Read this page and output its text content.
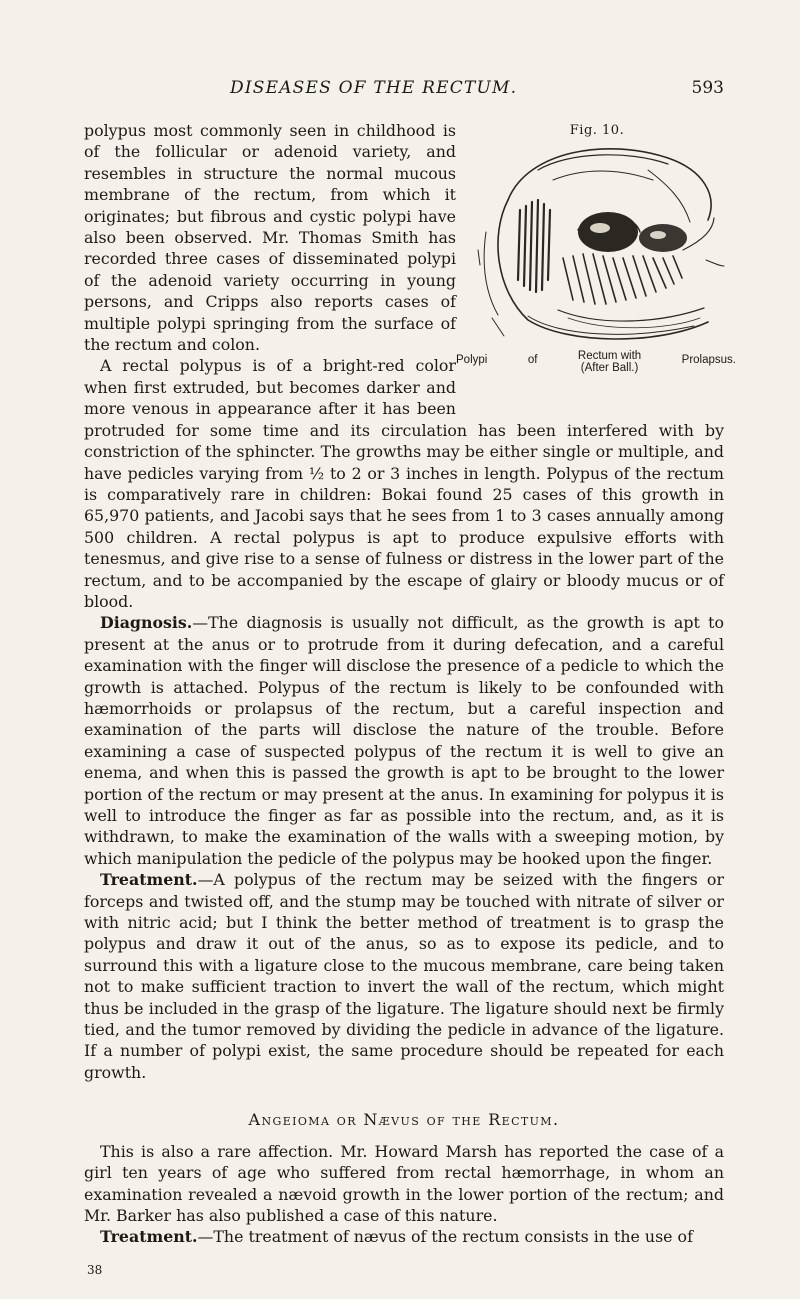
DISEASES OF THE RECTUM.	593
Fig. 10.
Polypi	of	Rectum with
(After Ball.)
Prolapsus.

polypus most commonly seen in childhood is of the follicular or adenoid variety, and resembles in structure the normal mucous membrane of the rectum, from which it originates; but fibrous and cystic polypi have also been observed. Mr. Thomas Smith has recorded three cases of disseminated polypi of the adenoid variety occurring in young persons, and Cripps also reports cases of multiple polypi springing from the surface of the rectum and colon.

A rectal polypus is of a bright-red color when first extruded, but becomes darker and more venous in appearance after it has been protruded for some time and its circulation has been interfered with by constriction of the sphincter. The growths may be either single or multiple, and have pedicles varying from ½ to 2 or 3 inches in length. Polypus of the rectum is comparatively rare in children: Bokai found 25 cases of this growth in 65,970 patients, and Jacobi says that he sees from 1 to 3 cases annually among 500 children. A rectal polypus is apt to produce expulsive efforts with tenesmus, and give rise to a sense of fulness or distress in the lower part of the rectum, and to be accompanied by the escape of glairy or bloody mucus or of blood.

Diagnosis.—The diagnosis is usually not difficult, as the growth is apt to present at the anus or to protrude from it during defecation, and a careful examination with the finger will disclose the presence of a pedicle to which the growth is attached. Polypus of the rectum is likely to be confounded with hæmorrhoids or prolapsus of the rectum, but a careful inspection and examination of the parts will disclose the nature of the trouble. Before examining a case of suspected polypus of the rectum it is well to give an enema, and when this is passed the growth is apt to be brought to the lower portion of the rectum or may present at the anus. In examining for polypus it is well to introduce the finger as far as possible into the rectum, and, as it is withdrawn, to make the examination of the walls with a sweeping motion, by which manipulation the pedicle of the polypus may be hooked upon the finger.

Treatment.—A polypus of the rectum may be seized with the fingers or forceps and twisted off, and the stump may be touched with nitrate of silver or with nitric acid; but I think the better method of treatment is to grasp the polypus and draw it out of the anus, so as to expose its pedicle, and to surround this with a ligature close to the mucous membrane, care being taken not to make sufficient traction to invert the wall of the rectum, which might thus be included in the grasp of the ligature. The ligature should next be firmly tied, and the tumor removed by dividing the pedicle in advance of the ligature. If a number of polypi exist, the same procedure should be repeated for each growth.

Angeioma or Nævus of the Rectum.

This is also a rare affection. Mr. Howard Marsh has reported the case of a girl ten years of age who suffered from rectal hæmorrhage, in whom an examination revealed a nævoid growth in the lower portion of the rectum; and Mr. Barker has also published a case of this nature.

Treatment.—The treatment of nævus of the rectum consists in the use of

38
